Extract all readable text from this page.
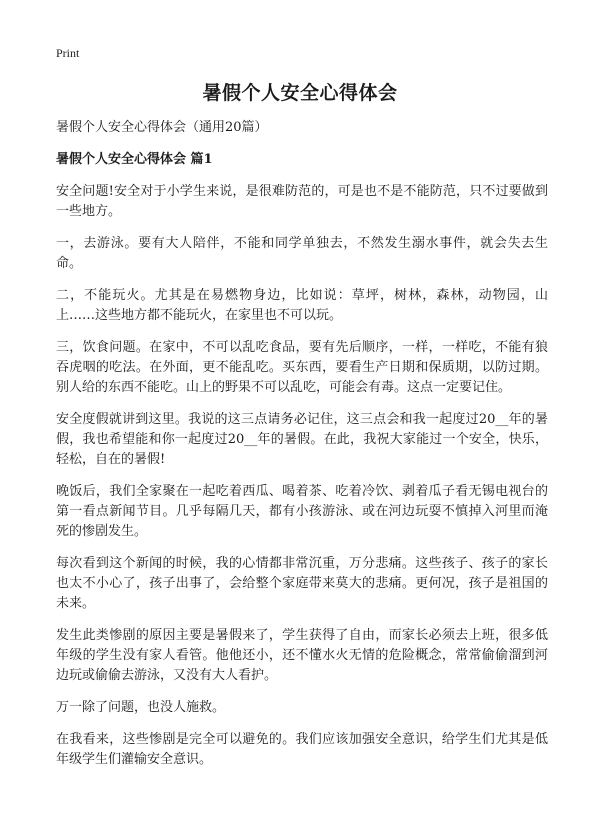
Print
暑假个人安全心得体会

暑假个人安全心得体会（通用20篇）

暑假个人安全心得体会 篇1

安全问题!安全对于小学生来说，是很难防范的，可是也不是不能防范，只不过要做到一些地方。

一，去游泳。要有大人陪伴，不能和同学单独去，不然发生溺水事件，就会失去生命。

二，不能玩火。尤其是在易燃物身边，比如说：草坪，树林，森林，动物园，山上……这些地方都不能玩火，在家里也不可以玩。

三，饮食问题。在家中，不可以乱吃食品，要有先后顺序，一样，一样吃，不能有狼吞虎咽的吃法。在外面，更不能乱吃。买东西，要看生产日期和保质期，以防过期。别人给的东西不能吃。山上的野果不可以乱吃，可能会有毒。这点一定要记住。

安全度假就讲到这里。我说的这三点请务必记住，这三点会和我一起度过20__年的暑假，我也希望能和你一起度过20__年的暑假。在此，我祝大家能过一个安全，快乐，轻松，自在的暑假!

晚饭后，我们全家聚在一起吃着西瓜、喝着茶、吃着冷饮、剥着瓜子看无锡电视台的第一看点新闻节目。几乎每隔几天，都有小孩游泳、或在河边玩耍不慎掉入河里而淹死的惨剧发生。

每次看到这个新闻的时候，我的心情都非常沉重，万分悲痛。这些孩子、孩子的家长也太不小心了，孩子出事了，会给整个家庭带来莫大的悲痛。更何况，孩子是祖国的未来。

发生此类惨剧的原因主要是暑假来了，学生获得了自由，而家长必须去上班，很多低年级的学生没有家人看管。他他还小，还不懂水火无情的危险概念，常常偷偷溜到河边玩或偷偷去游泳，又没有大人看护。

万一除了问题，也没人施救。

在我看来，这些惨剧是完全可以避免的。我们应该加强安全意识，给学生们尤其是低年级学生们灌输安全意识。
